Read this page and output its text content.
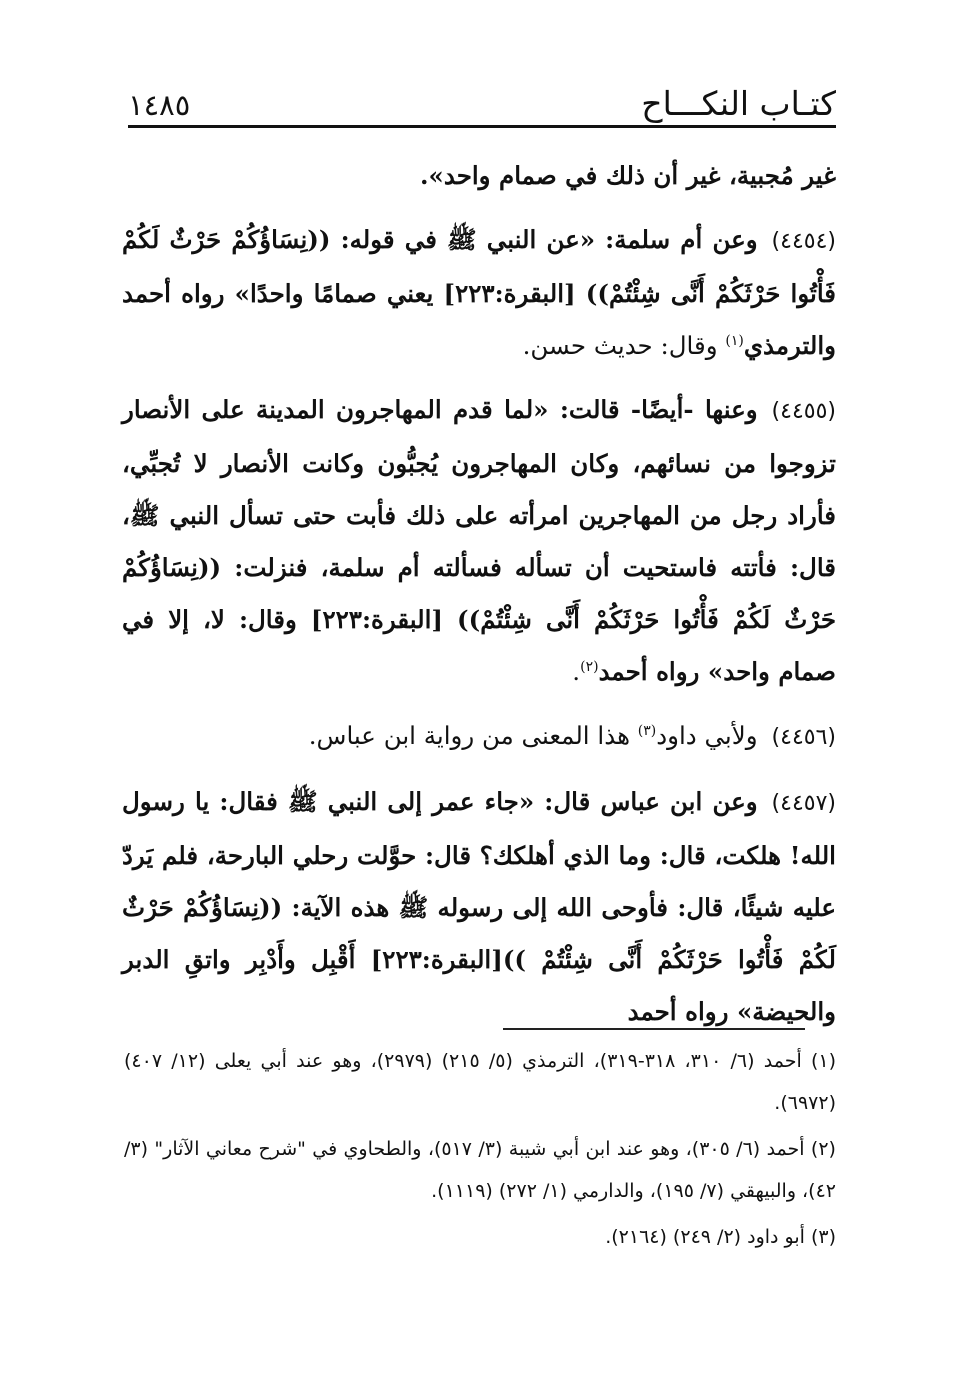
كتـاب النكـــاح
١٤٨٥

غير مُجبية، غير أن ذلك في صمام واحد».

(٤٤٥٤)وعن أم سلمة: «عن النبي ﷺ في قوله: ((نِسَاؤُكُمْ حَرْثٌ لَكُمْ فَأْتُوا حَرْثَكُمْ أَنَّى شِئْتُمْ)) [البقرة:٢٢٣] يعني صمامًا واحدًا» رواه أحمد والترمذي$^{(١)}$ وقال: حديث حسن.

(٤٤٥٥)وعنها -أيضًا- قالت: «لما قدم المهاجرون المدينة على الأنصار تزوجوا من نسائهم، وكان المهاجرون يُجبُّون وكانت الأنصار لا تُجبِّي، فأراد رجل من المهاجرين امرأته على ذلك فأبت حتى تسأل النبي ﷺ، قال: فأتته فاستحيت أن تسأله فسألته أم سلمة، فنزلت: ((نِسَاؤُكُمْ حَرْثٌ لَكُمْ فَأْتُوا حَرْثَكُمْ أَنَّى شِئْتُمْ)) [البقرة:٢٢٣] وقال: لا، إلا في صمام واحد» رواه أحمد$^{(٢)}$.

(٤٤٥٦)ولأبي داود$^{(٣)}$ هذا المعنى من رواية ابن عباس.

(٤٤٥٧)وعن ابن عباس قال: «جاء عمر إلى النبي ﷺ فقال: يا رسول الله! هلكت، قال: وما الذي أهلكك؟ قال: حوَّلت رحلي البارحة، فلم يَردّ عليه شيئًا، قال: فأوحى الله إلى رسوله ﷺ هذه الآية: ((نِسَاؤُكُمْ حَرْثٌ لَكُمْ فَأْتُوا حَرْثَكُمْ أَنَّى شِئْتُمْ ))[البقرة:٢٢٣] أَقْبِل وأَدْبِر واتقِ الدبر والحيضة» رواه أحمد

(١) أحمد (٦/ ٣١٠، ٣١٨-٣١٩)، الترمذي (٥/ ٢١٥) (٢٩٧٩)، وهو عند أبي يعلى (١٢/ ٤٠٧) (٦٩٧٢).

(٢) أحمد (٦/ ٣٠٥)، وهو عند ابن أبي شيبة (٣/ ٥١٧)، والطحاوي في "شرح معاني الآثار" (٣/ ٤٢)، والبيهقي (٧/ ١٩٥)، والدارمي (١/ ٢٧٢) (١١١٩).

(٣) أبو داود (٢/ ٢٤٩) (٢١٦٤).
